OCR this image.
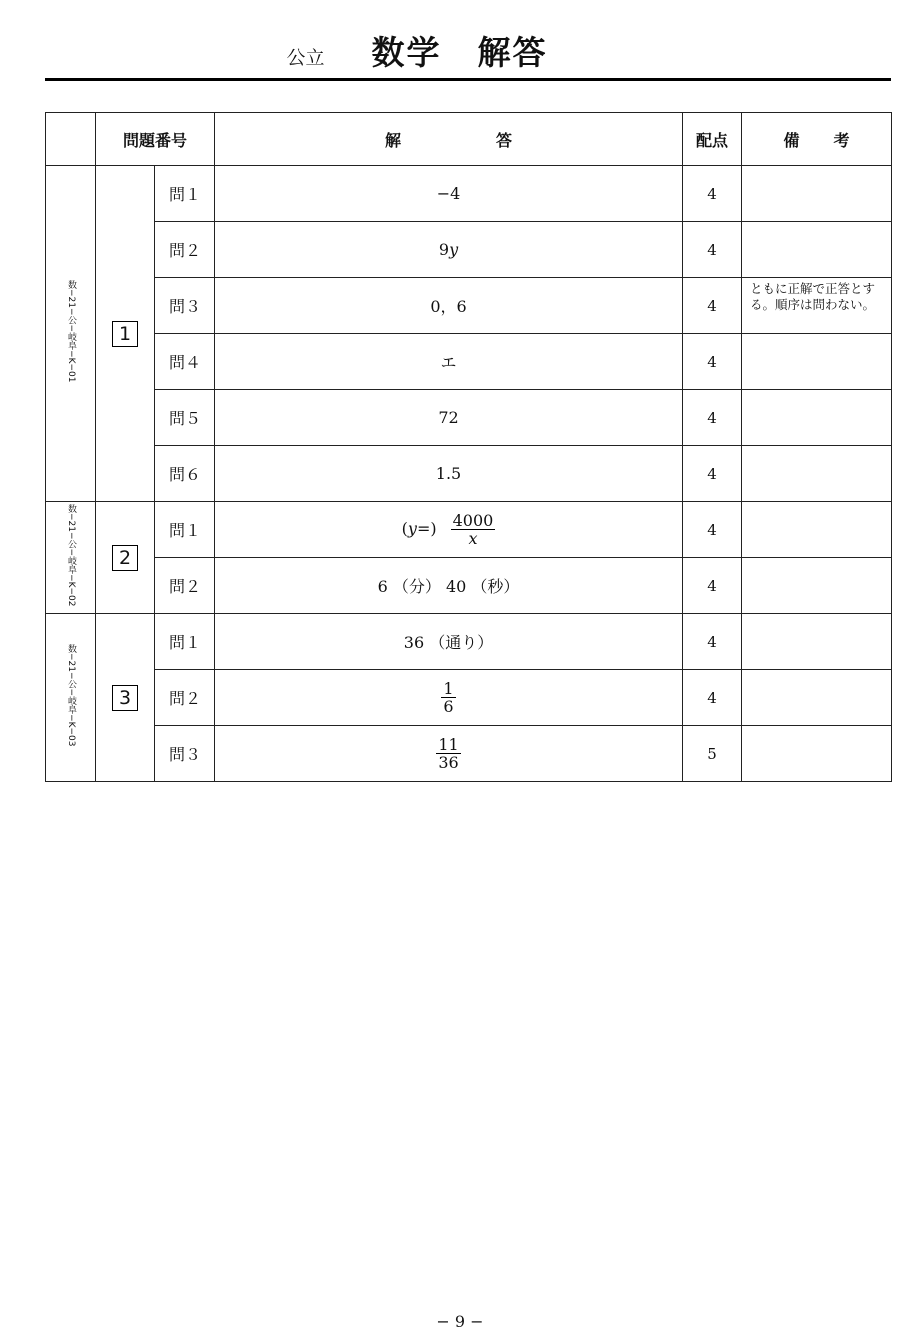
公立 数学 解答
	問題番号		解 答	配点	備 考
数−21−公−岐阜−K−01	1	問１	−4	4	
		問２	9y	4	
		問３	0，6	4	ともに正解で正答とする。順序は問わない。
		問４	エ	4	
		問５	72	4	
		問６	1.5	4	
数−21−公−岐阜−K−02	2	問１	$(y=) \frac{4000}{x}$	4	
		問２	6 （分） 40 （秒）	4	
数−21−公−岐阜−K−03	3	問１	36 （通り）	4	
		問２	$\frac{1}{6}$	4	
		問３	$\frac{11}{36}$	5	
− 9 −
